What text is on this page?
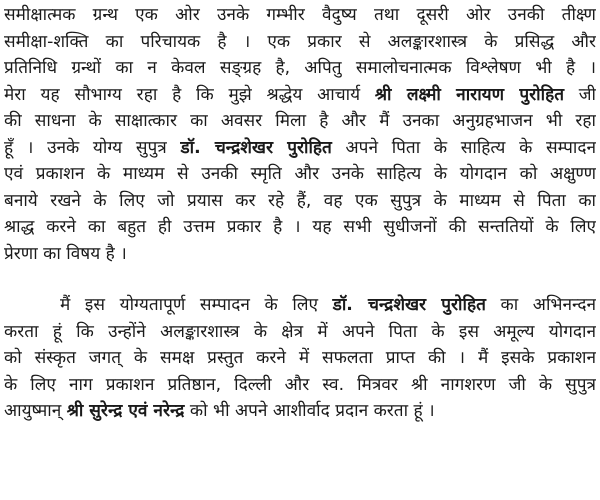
समीक्षात्मक ग्रन्थ एक ओर उनके गम्भीर वैदुष्य तथा दूसरी ओर उनकी तीक्ष्ण
समीक्षा-शक्ति का परिचायक है । एक प्रकार से अलङ्कारशास्त्र के प्रसिद्ध और
प्रतिनिधि ग्रन्थों का न केवल सङ्ग्रह है, अपितु समालोचनात्मक विश्लेषण भी है ।
मेरा यह सौभाग्य रहा है कि मुझे श्रद्धेय आचार्य श्री लक्ष्मी नारायण पुरोहित जी
की साधना के साक्षात्कार का अवसर मिला है और मैं उनका अनुग्रहभाजन भी रहा
हूँ । उनके योग्य सुपुत्र डॉ. चन्द्रशेखर पुरोहित अपने पिता के साहित्य के सम्पादन
एवं प्रकाशन के माध्यम से उनकी स्मृति और उनके साहित्य के योगदान को अक्षुण्ण
बनाये रखने के लिए जो प्रयास कर रहे हैं, वह एक सुपुत्र के माध्यम से पिता का
श्राद्ध करने का बहुत ही उत्तम प्रकार है । यह सभी सुधीजनों की सन्ततियों के लिए
प्रेरणा का विषय है ।
मैं इस योग्यतापूर्ण सम्पादन के लिए डॉ. चन्द्रशेखर पुरोहित का अभिनन्दन
करता हूं कि उन्होंने अलङ्कारशास्त्र के क्षेत्र में अपने पिता के इस अमूल्य योगदान
को संस्कृत जगत् के समक्ष प्रस्तुत करने में सफलता प्राप्त की । मैं इसके प्रकाशन
के लिए नाग प्रकाशन प्रतिष्ठान, दिल्ली और स्व. मित्रवर श्री नागशरण जी के सुपुत्र
आयुष्मान् श्री सुरेन्द्र एवं नरेन्द्र को भी अपने आशीर्वाद प्रदान करता हूं ।
